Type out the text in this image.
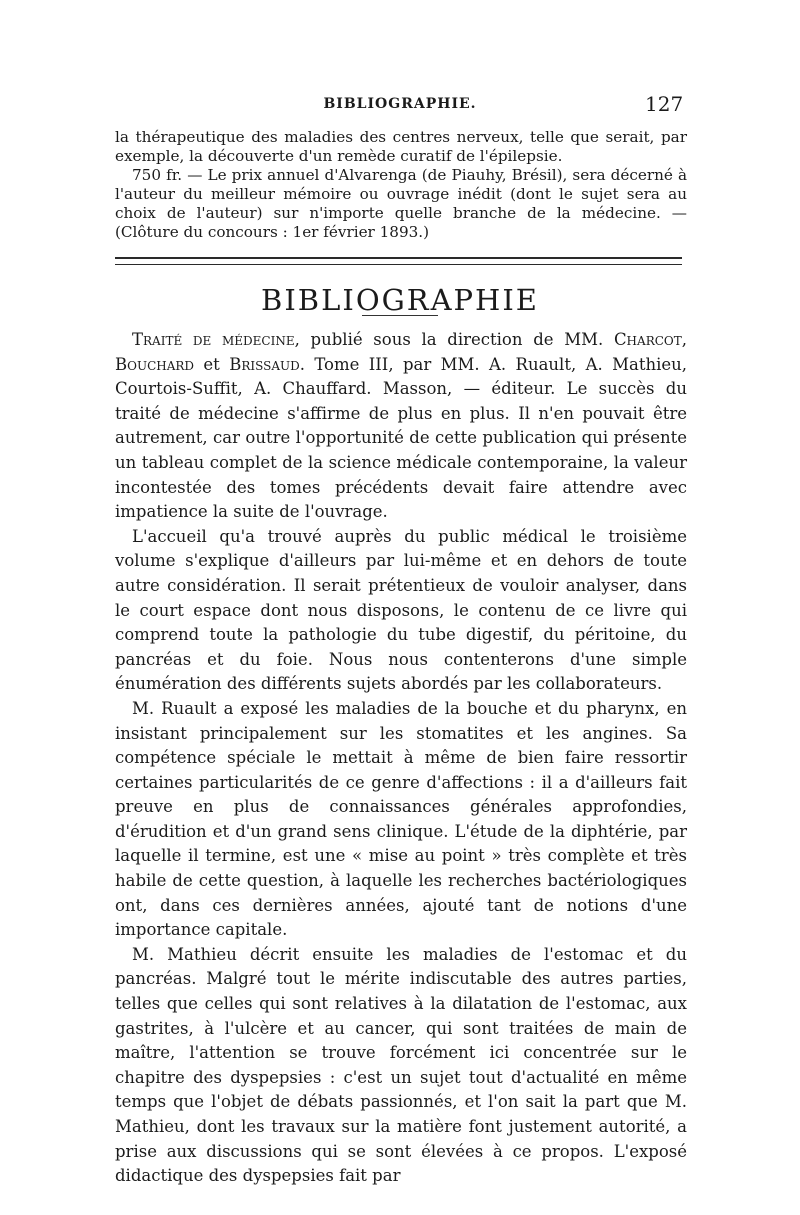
BIBLIOGRAPHIE.	127

la thérapeutique des maladies des centres nerveux, telle que serait, par exemple, la découverte d'un remède curatif de l'épilepsie.

750 fr. — Le prix annuel d'Alvarenga (de Piauhy, Brésil), sera décerné à l'auteur du meilleur mémoire ou ouvrage inédit (dont le sujet sera au choix de l'auteur) sur n'importe quelle branche de la médecine. — (Clôture du concours : 1er février 1893.)

BIBLIOGRAPHIE

Traité de médecine, publié sous la direction de MM. Charcot, Bouchard et Brissaud. Tome III, par MM. A. Ruault, A. Mathieu, Courtois-Suffit, A. Chauffard. Masson, — éditeur. Le succès du traité de médecine s'affirme de plus en plus. Il n'en pouvait être autrement, car outre l'opportunité de cette publication qui présente un tableau complet de la science médicale contemporaine, la valeur incontestée des tomes précédents devait faire attendre avec impatience la suite de l'ouvrage.

L'accueil qu'a trouvé auprès du public médical le troisième volume s'explique d'ailleurs par lui-même et en dehors de toute autre considération. Il serait prétentieux de vouloir analyser, dans le court espace dont nous disposons, le contenu de ce livre qui comprend toute la pathologie du tube digestif, du péritoine, du pancréas et du foie. Nous nous contenterons d'une simple énumération des différents sujets abordés par les collaborateurs.

M. Ruault a exposé les maladies de la bouche et du pharynx, en insistant principalement sur les stomatites et les angines. Sa compétence spéciale le mettait à même de bien faire ressortir certaines particularités de ce genre d'affections : il a d'ailleurs fait preuve en plus de connaissances générales approfondies, d'érudition et d'un grand sens clinique. L'étude de la diphtérie, par laquelle il termine, est une « mise au point » très complète et très habile de cette question, à laquelle les recherches bactériologiques ont, dans ces dernières années, ajouté tant de notions d'une importance capitale.

M. Mathieu décrit ensuite les maladies de l'estomac et du pancréas. Malgré tout le mérite indiscutable des autres parties, telles que celles qui sont relatives à la dilatation de l'estomac, aux gastrites, à l'ulcère et au cancer, qui sont traitées de main de maître, l'attention se trouve forcément ici concentrée sur le chapitre des dyspepsies : c'est un sujet tout d'actualité en même temps que l'objet de débats passionnés, et l'on sait la part que M. Mathieu, dont les travaux sur la matière font justement autorité, a prise aux discussions qui se sont élevées à ce propos. L'exposé didactique des dyspepsies fait par
